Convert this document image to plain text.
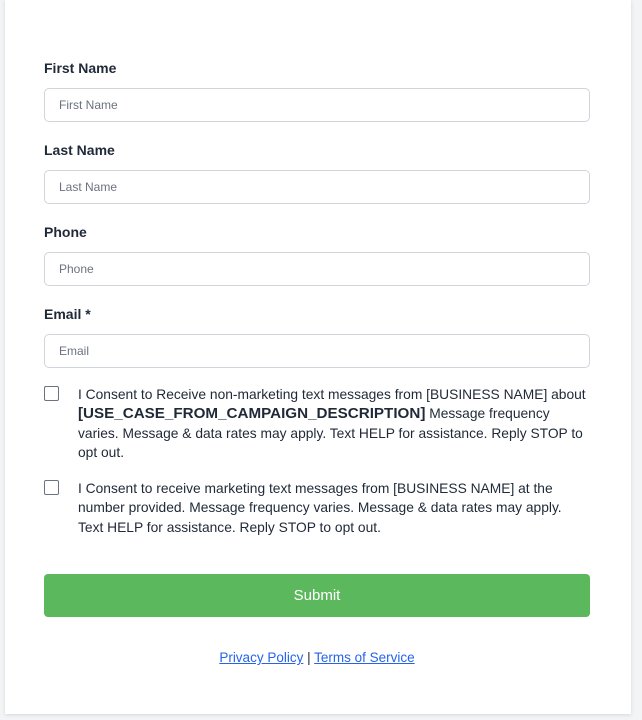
First Name
First Name
Last Name
Last Name
Phone
Phone
Email *
Email

I Consent to Receive non-marketing text messages from [BUSINESS NAME] about [USE_CASE_FROM_CAMPAIGN_DESCRIPTION] Message frequency varies. Message & data rates may apply. Text HELP for assistance. Reply STOP to opt out.

I Consent to receive marketing text messages from [BUSINESS NAME] at the number provided. Message frequency varies. Message & data rates may apply. Text HELP for assistance. Reply STOP to opt out.

Submit
Privacy Policy | Terms of Service
